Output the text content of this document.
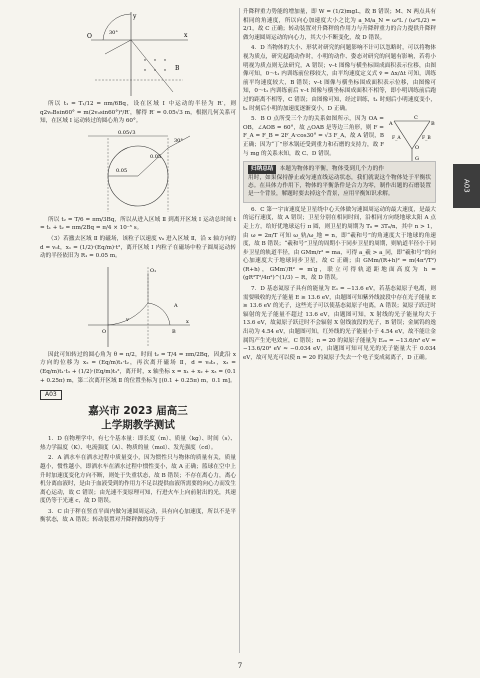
O
y
x
30°
B

所以 t₁ = T₁/12 = πm/6Bq，设在区域 Ⅰ 中运动的半径为 R′，则 q2v₀Bsin60° = m(2v₀sin60°)²/R′，解得 R′ = 0.05√3 m，根据几何关系可知，在区域 Ⅰ 运动转过的圆心角为 60°。

0.05√3
0.05
0.05
30°

所以 t₂ = T/6 = πm/3Bq，所以从进入区域 Ⅱ 到离开区域 Ⅰ 运动总时间 t = t₁ + t₂ = πm/2Bq = π/4 × 10⁻⁵ s。

（3）若撤去区域 Ⅱ 的磁场，该粒子以速度 v₀ 进入区域 Ⅱ，沿 x 轴方向的 d = v₀t，x₁ = (1/2)·(Eq/m)·t²，离开区域 Ⅰ 内粒子在磁场中粒子圆周运动转动的半径依旧为 R₁ = 0.05 m。

O₁
O
x
A
B
v

因此可知转过的圆心角为 θ = π/2，时间 t₂ = T/4 = πm/2Bq，因此沿 x 方向的位移为 x₂ = (Eq/m)t₁·t₂，再次离开磁场 Ⅱ，d = v₀t₃，x₃ = (Eq/m)t₁·t₃ + (1/2)·(Eq/m)t₃²，离开时，x 轴坐标 x = x₁ + x₂ + x₃ = (0.1 + 0.25π) m，第二次离开区域 Ⅱ 的位置坐标为 [(0.1 + 0.25π) m，0.1 m]。

A03
嘉兴市 2023 届高三
上学期教学测试

1．D 在物理学中，有七个基本量：即长度（m）、质量（kg）、时间（s）、热力学温度（K）、电流强度（A）、物质的量（mol）、发光强度（cd）。

2．A 洒水车在洒水过程中质量变小，因为惯性只与物体的质量有关，质量越小，惯性越小，即洒水车在洒水过程中惯性变小，故 A 正确；篮球在空中上升时加速度变化方向不断，则处于失重状态，故 B 错误；不存在离心力，离心机分离血液时，是由于血液受到的作用力不足以提供血液所需要的向心力而发生离心运动，故 C 错误；由光速不变原理可知，行进火车上向前射出的光，其速度仍等于光速 c，故 D 错误。

3．C 由于秤在竖直平面内做匀速圆周运动，具有向心加速度，所以不是平衡状态，故 A 错误；转动装置对升降秤做的功等于

升降秤重力势能的增加量，即 W = (1/2)mgL，故 B 错误；M、N 两点具有相同的角速度，所以向心加速度大小之比为 a_M/a_N = ω²L / (ω²L/2) = 2/1，故 C 正确；转动装置对升降秤的作用力与升降秤重力的合力提供升降秤做匀速圆周运动的向心力，其大小不断变化，故 D 错误。

4．D 当物体的大小、形状对研究的问题影响不计可以忽略时，可以将物体视为质点，研究起跑动作时，小明的动作、姿态对研究的问题有影响，若将小明视为质点则无法研究，A 错误；v–t 图像与横坐标围成面积表示位移，由图像可知，0～t₁ 内训练前位移较大，由平均速度定义式 v̄ = Δx/Δt 可知，训练前平均速度较大，B 错误；v–t 图像与横坐标围成面积表示位移，由图像可知，0～t₁ 内训练前后 v–t 图像与横坐标围成面积不相等，即小明训练前后跑过的距离不相等，C 错误；由图像可知，经过训练，t₁ 时刻后小明速度变小，t₂ 时刻后小明的加速度逐渐变小，D 正确。

A	B
C
O
F_A	F_B
G

5．B O 点所受三个力的关系如图所示，因为 OA = OB，∠AOB = 60°，故 △OAB 是等边三角形，则 F = F_A = F_B = 2F_A·cos30° = √3 F_A，故 A 错误，B 正确；因为“丁”形木锅还受到重力和石磨的支持力，故 F 与 mg 的关系未知，故 C、D 错误。

归纳总结 本题为物体的平衡，物体受到几个力的作用时，如果保持静止或匀速直线运动状态，我们就说这个物体处于平衡状态。在具体力作用下，物体的平衡条件是合力为零，制作出题的石磨装置是一个背景，解题时要去掉这个背景，应用平衡知识求解。

6．C 第一宇宙速度是卫星绕中心天体做匀速圆周运动的最大速度，是最大的运行速度，故 A 错误；卫星分别在相同时间，沿相同方向绕地球太阳 A 点走上方，给好优地球运行 π 圆，则卫星的周期为 T₀ = 3T₀/n，其中 n > 1，由 ω = 2π/T 可知 ω_轨/ω_地 = n，即“羲和号”的角速度大于地球的角速度，故 B 错误；“羲和号”卫星的周期小于同步卫星的周期，则轨道半径小于同步卫星的轨道半径，由 GMm/r² = ma，可得 a_羲 > a_同，即“羲和号”的向心加速度大于地球同步卫星，故 C 正确；由 GMm/(R+h)² = m(4π²/T²)(R+h)，GMm′/R² = m′g，联立可得轨道距地面高度为 h = (gR²T²/4π²)^(1/3) − R，故 D 错误。

7．D 基态氦原子具有的能量为 E₁ = −13.6 eV，若基态氦原子电离，则需要吸收的光子能量 E ≥ 13.6 eV，由题图可知紫外线波段中存在光子能量 E ≥ 13.6 eV 的光子，这些光子可以使基态氦原子电离，A 错误；氦原子跃迁时辐射的光子能量不超过 13.6 eV，由题图可知，X 射线的光子能量均大于 13.6 eV，故氦原子跃迁时不会辐射 X 射线波段的光子，B 错误；金属钨的逸出功为 4.54 eV，由题图可知，红外线的光子能量小于 4.54 eV，故不能让金属钨产生光电效应，C 错误；n = 20 的氦原子能量为 E₂₀ = −13.6/n² eV = −13.6/20² eV ≈ −0.034 eV，由题图可知可见光的光子能量大于 0.034 eV，故可见光可以使 n = 20 的氦原子失去一个电子变成氦离子，D 正确。

A03
7
